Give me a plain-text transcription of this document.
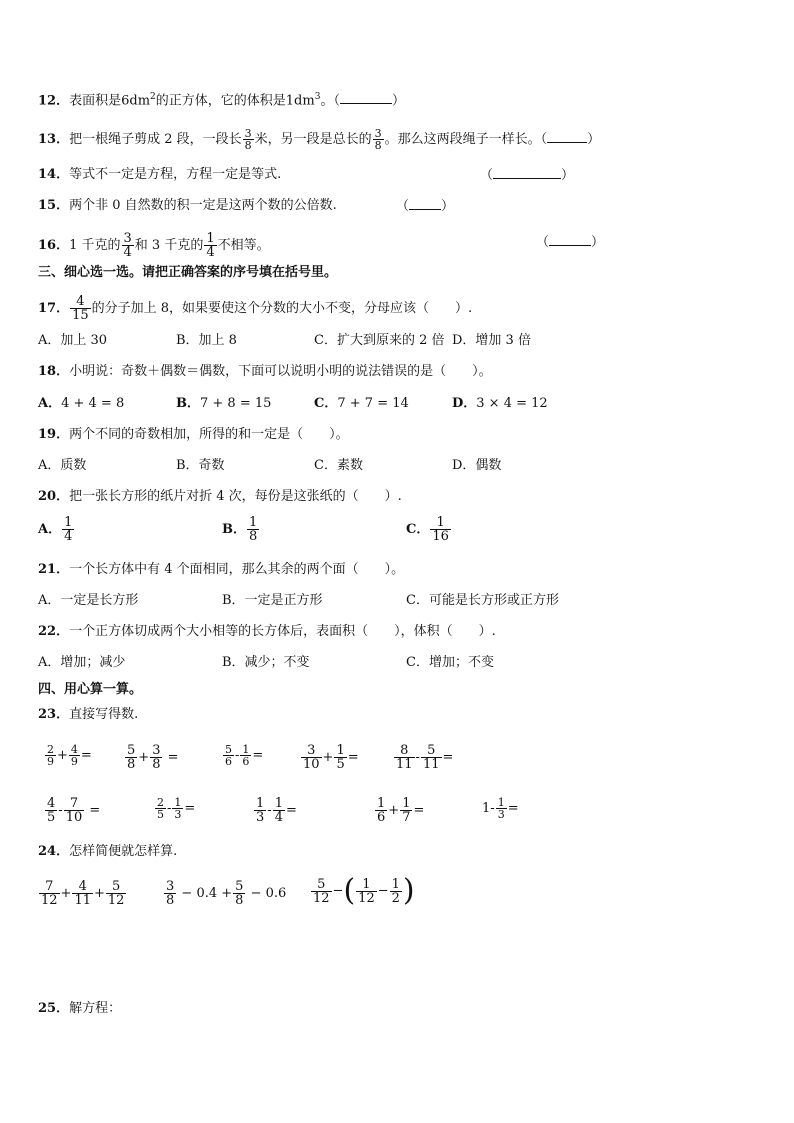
12．表面积是$6dm^2$的正方体，它的体积是$1dm^3$。（	）
13．把一根绳子剪成 2 段，一段长 $\frac{3}{8}$ 米，另一段是总长的 $\frac{3}{8}$ 。那么这两段绳子一样长。（	）
14．等式不一定是方程，方程一定是等式.	（	）
15．两个非 0 自然数的积一定是这两个数的公倍数.	（ ）
16．1 千克的 $\frac{3}{4}$ 和 3 千克的 $\frac{1}{4}$ 不相等。	（	）
三、细心选一选。请把正确答案的序号填在括号里。
17． $\frac{4}{15}$ 的分子加上 8，如果要使这个分数的大小不变，分母应该（　　）.
A．加上 30	B．加上 8	C．扩大到原来的 2 倍 D．增加 3 倍
18．小明说：奇数＋偶数＝偶数，下面可以说明小明的说法错误的是（　　）。
A．4 + 4 = 8	B．7 + 8 = 15	C．7 + 7 = 14	D．3 × 4 = 12
19．两个不同的奇数相加，所得的和一定是（　　）。
A．质数	B．奇数	C．素数	D．偶数
20．把一张长方形的纸片对折 4 次，每份是这张纸的（　　）.
A． $\frac{1}{4}$	B． $\frac{1}{8}$	C． $\frac{1}{16}$
21．一个长方体中有 4 个面相同，那么其余的两个面（　　）。
A．一定是长方形	B．一定是正方形	C．可能是长方形或正方形
22．一个正方体切成两个大小相等的长方体后，表面积（　　），体积（　　）.
A．增加；减少	B．减少；不变	C．增加；不变
四、用心算一算。
23．直接写得数.
$\frac{2}{9} + \frac{4}{9}$ =	$\frac{5}{8} + \frac{3}{8}$ =	$\frac{5}{6} - \frac{1}{6}$ =	$\frac{3}{10} + \frac{1}{5}$ =	$\frac{8}{11} - \frac{5}{11}$ =
$\frac{4}{5} - \frac{7}{10}$ =	$\frac{2}{5} - \frac{1}{3}$ =	$\frac{1}{3} - \frac{1}{4}$ =	$\frac{1}{6} + \frac{1}{7}$ =	$1- \frac{1}{3}$ =
24．怎样简便就怎样算.
$\frac{7}{12} + \frac{4}{11} + \frac{5}{12}$	$\frac{3}{8} - 0.4 + \frac{5}{8} - 0.6 \frac{5}{12}$ −( $\frac{1}{12} - \frac{1}{2}$ )
25．解方程：
